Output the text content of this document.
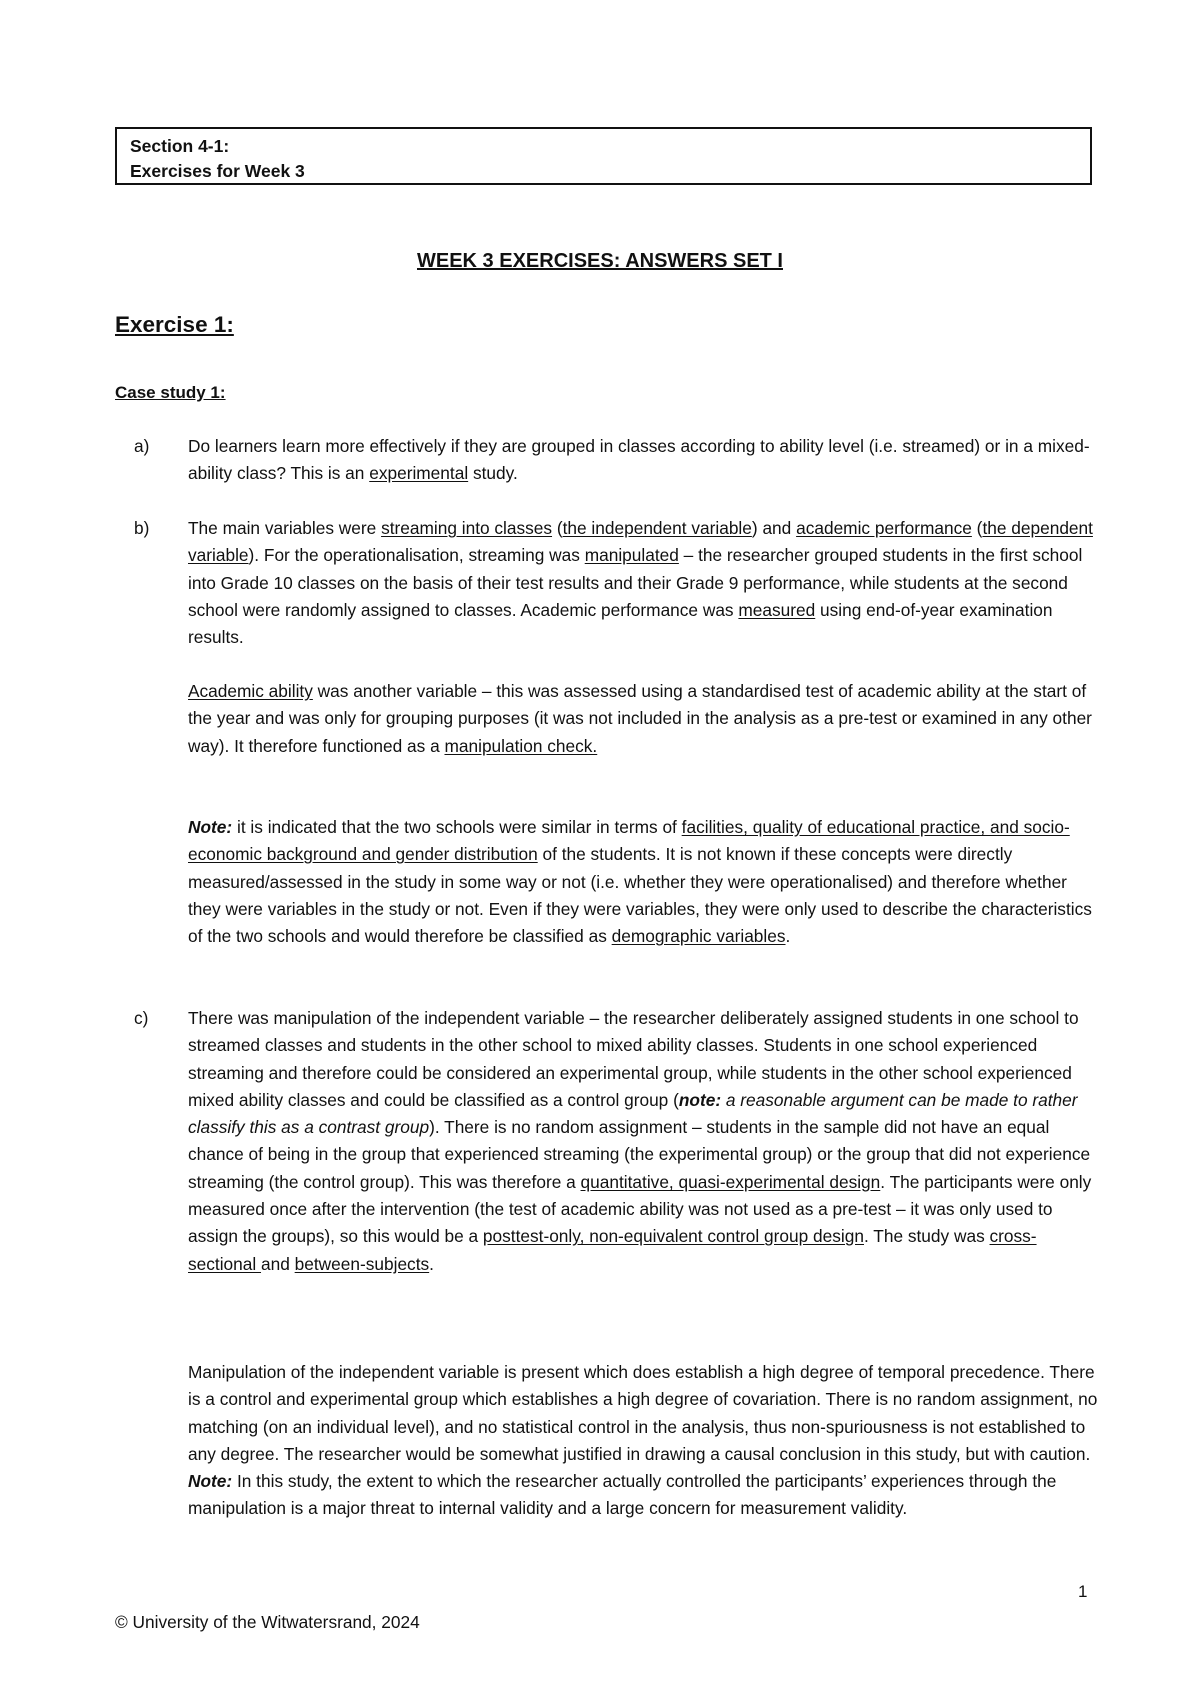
Section 4-1:
Exercises for Week 3
WEEK 3 EXERCISES: ANSWERS SET I
Exercise 1:
Case study 1:
a) Do learners learn more effectively if they are grouped in classes according to ability level (i.e. streamed) or in a mixed-ability class? This is an experimental study.
b) The main variables were streaming into classes (the independent variable) and academic performance (the dependent variable). For the operationalisation, streaming was manipulated – the researcher grouped students in the first school into Grade 10 classes on the basis of their test results and their Grade 9 performance, while students at the second school were randomly assigned to classes. Academic performance was measured using end-of-year examination results.

Academic ability was another variable – this was assessed using a standardised test of academic ability at the start of the year and was only for grouping purposes (it was not included in the analysis as a pre-test or examined in any other way). It therefore functioned as a manipulation check.

Note: it is indicated that the two schools were similar in terms of facilities, quality of educational practice, and socio-economic background and gender distribution of the students. It is not known if these concepts were directly measured/assessed in the study in some way or not (i.e. whether they were operationalised) and therefore whether they were variables in the study or not. Even if they were variables, they were only used to describe the characteristics of the two schools and would therefore be classified as demographic variables.

c) There was manipulation of the independent variable – the researcher deliberately assigned students in one school to streamed classes and students in the other school to mixed ability classes. Students in one school experienced streaming and therefore could be considered an experimental group, while students in the other school experienced mixed ability classes and could be classified as a control group (note: a reasonable argument can be made to rather classify this as a contrast group). There is no random assignment – students in the sample did not have an equal chance of being in the group that experienced streaming (the experimental group) or the group that did not experience streaming (the control group). This was therefore a quantitative, quasi-experimental design. The participants were only measured once after the intervention (the test of academic ability was not used as a pre-test – it was only used to assign the groups), so this would be a posttest-only, non-equivalent control group design. The study was cross-sectional and between-subjects.

Manipulation of the independent variable is present which does establish a high degree of temporal precedence. There is a control and experimental group which establishes a high degree of covariation. There is no random assignment, no matching (on an individual level), and no statistical control in the analysis, thus non-spuriousness is not established to any degree. The researcher would be somewhat justified in drawing a causal conclusion in this study, but with caution.

Note: In this study, the extent to which the researcher actually controlled the participants’ experiences through the manipulation is a major threat to internal validity and a large concern for measurement validity.

1
© University of the Witwatersrand, 2024
